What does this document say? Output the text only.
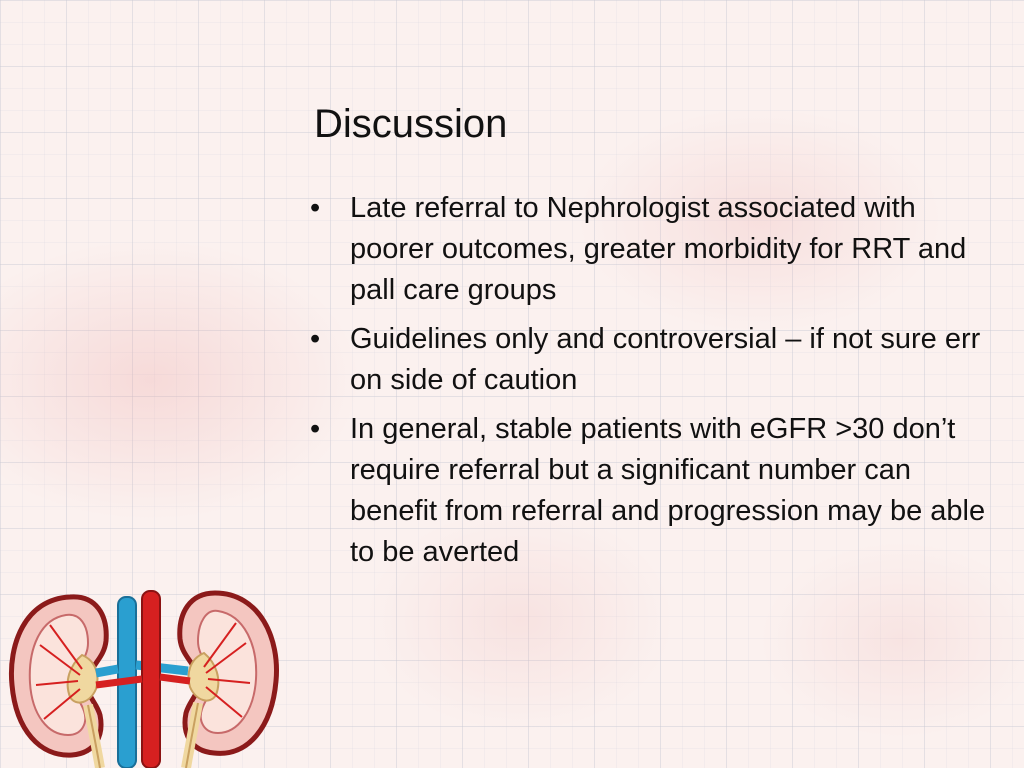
Discussion
• Late referral to Nephrologist associated with poorer outcomes, greater morbidity for RRT and pall care groups
• Guidelines only and controversial – if not sure err on side of caution
• In general, stable patients with eGFR >30 don’t require referral but a significant number can benefit from referral and progression may be able to be averted
